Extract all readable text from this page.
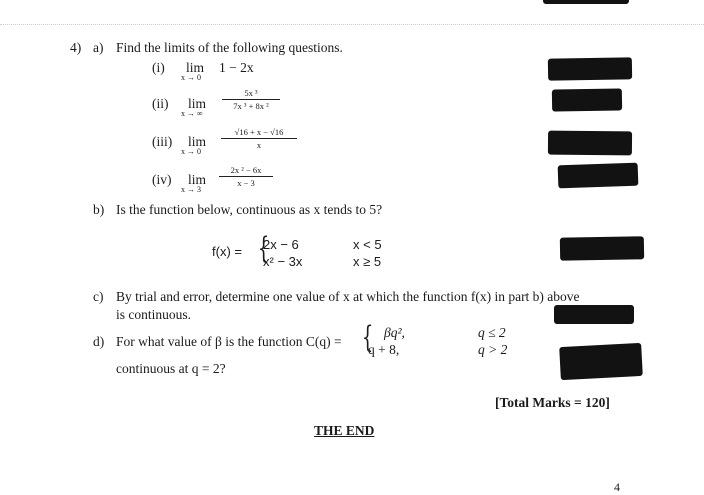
4) a) Find the limits of the following questions.
(i) lim
x → 0
1 − 2x
(ii) lim
x → ∞
5x ³
7x ³ + 8x ²
(iii) lim
x → 0
√16 + x − √16
x
(iv) lim
x → 3
2x ² − 6x
x − 3
b) Is the function below, continuous as x tends to 5?
f(x) = {
2x − 6
x² − 3x
x < 5
x ≥ 5
c) By trial and error, determine one value of x at which the function f(x) in part b) above
is continuous.
d) For what value of β is the function C(q) = { βq²,
q + 8,
q ≤ 2
q > 2
continuous at q = 2?
[Total Marks = 120]
THE END
4
